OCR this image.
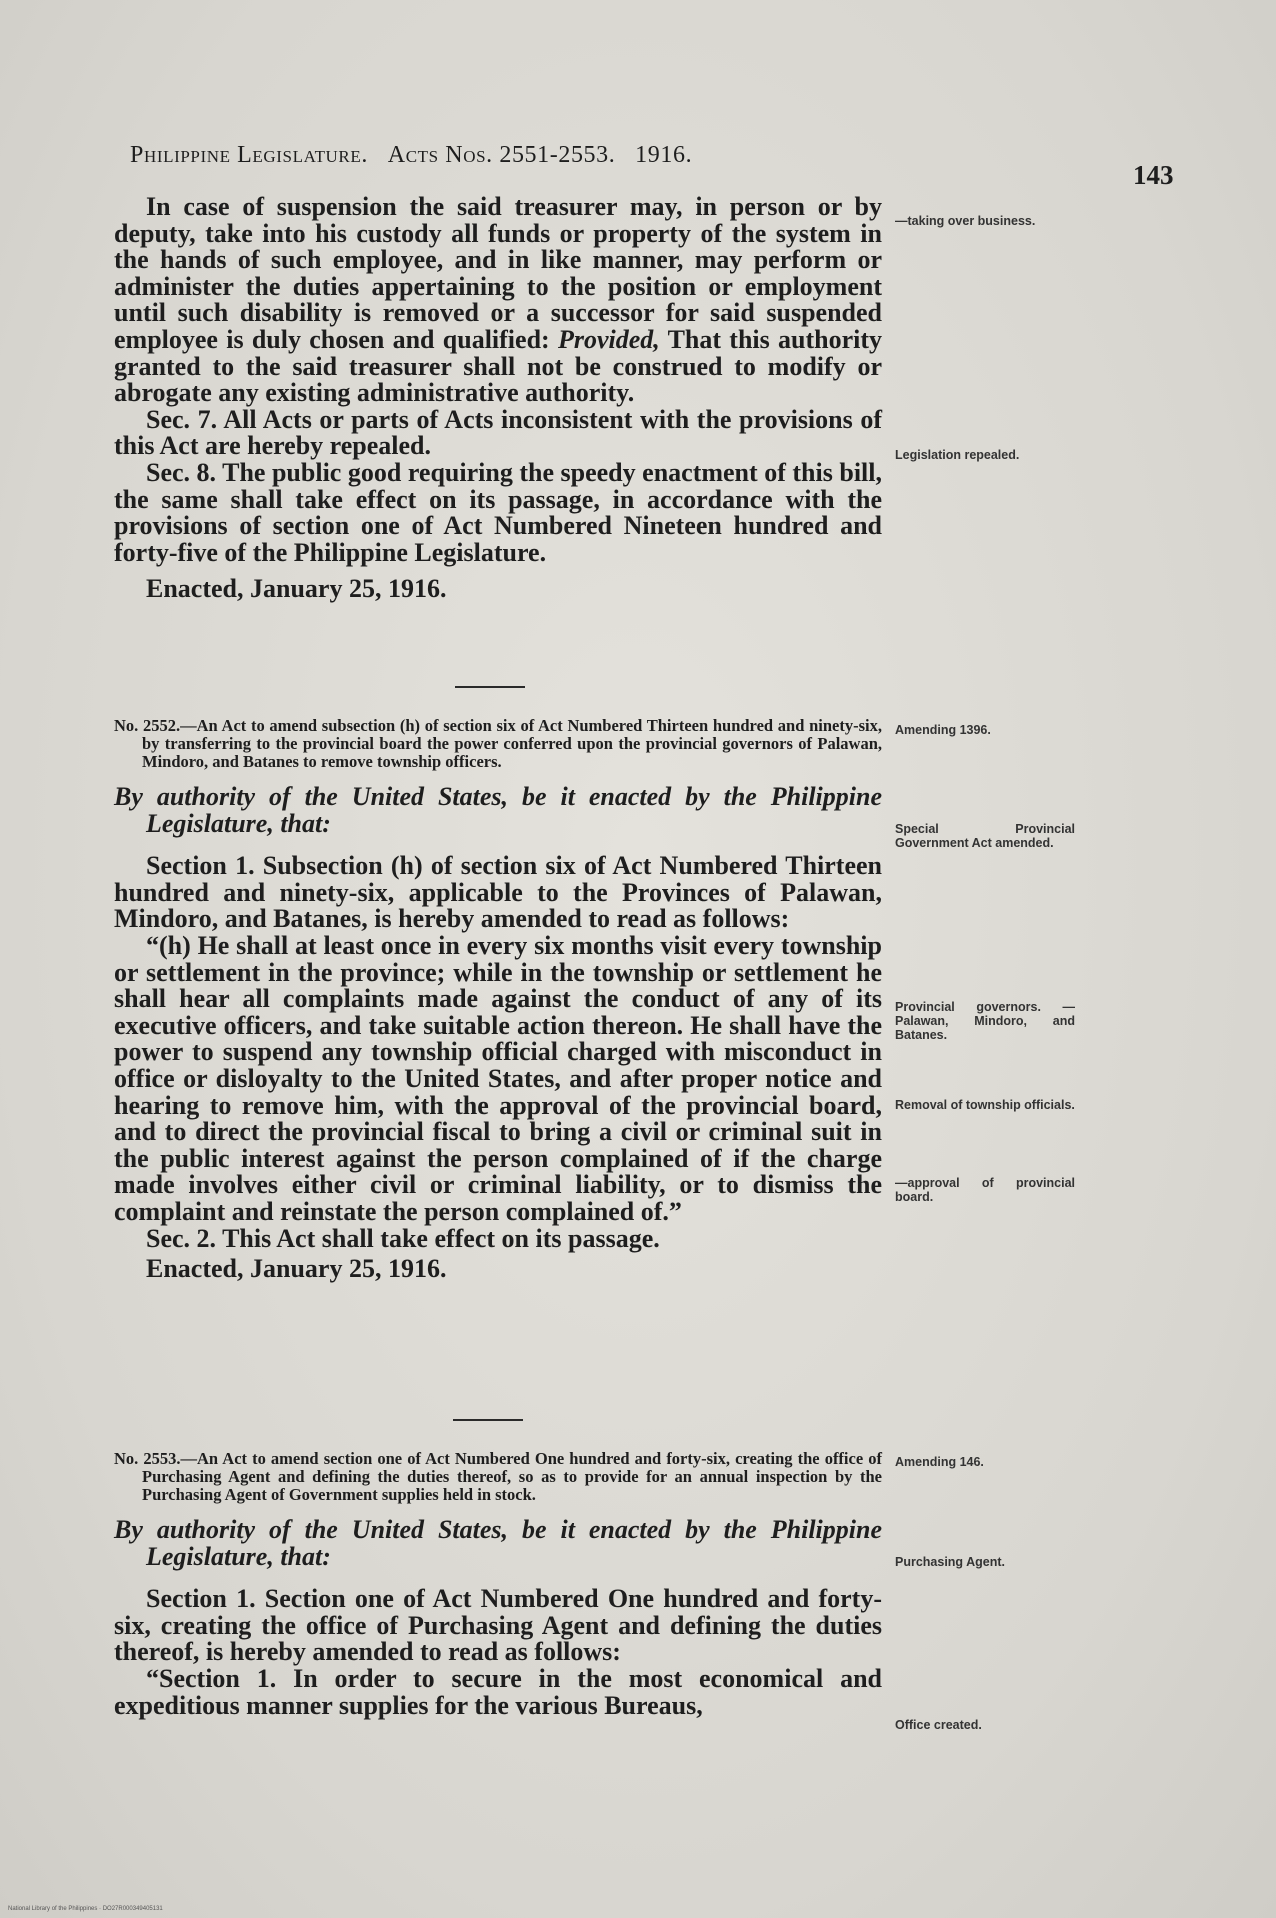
Philippine Legislature. Acts Nos. 2551-2553. 1916.
143

In case of suspension the said treasurer may, in person or by deputy, take into his custody all funds or property of the system in the hands of such employee, and in like manner, may perform or administer the duties appertaining to the position or employment until such disability is removed or a successor for said suspended employee is duly chosen and qualified: Provided, That this authority granted to the said treasurer shall not be construed to modify or abrogate any existing administrative authority.

Sec. 7. All Acts or parts of Acts inconsistent with the provisions of this Act are hereby repealed.

Sec. 8. The public good requiring the speedy enactment of this bill, the same shall take effect on its passage, in accordance with the provisions of section one of Act Numbered Nineteen hundred and forty-five of the Philippine Legislature.

Enacted, January 25, 1916.

No. 2552.—An Act to amend subsection (h) of section six of Act Numbered Thirteen hundred and ninety-six, by transferring to the provincial board the power conferred upon the provincial governors of Palawan, Mindoro, and Batanes to remove township officers.

By authority of the United States, be it enacted by the Philippine Legislature, that:

Section 1. Subsection (h) of section six of Act Numbered Thirteen hundred and ninety-six, applicable to the Provinces of Palawan, Mindoro, and Batanes, is hereby amended to read as follows:

“(h) He shall at least once in every six months visit every township or settlement in the province; while in the township or settlement he shall hear all complaints made against the conduct of any of its executive officers, and take suitable action thereon. He shall have the power to suspend any township official charged with misconduct in office or disloyalty to the United States, and after proper notice and hearing to remove him, with the approval of the provincial board, and to direct the provincial fiscal to bring a civil or criminal suit in the public interest against the person complained of if the charge made involves either civil or criminal liability, or to dismiss the complaint and reinstate the person complained of.”

Sec. 2. This Act shall take effect on its passage.

Enacted, January 25, 1916.

No. 2553.—An Act to amend section one of Act Numbered One hundred and forty-six, creating the office of Purchasing Agent and defining the duties thereof, so as to provide for an annual inspection by the Purchasing Agent of Government supplies held in stock.

By authority of the United States, be it enacted by the Philippine Legislature, that:

Section 1. Section one of Act Numbered One hundred and forty-six, creating the office of Purchasing Agent and defining the duties thereof, is hereby amended to read as follows:

“Section 1. In order to secure in the most economical and expeditious manner supplies for the various Bureaus,

—taking over business.
Legislation repealed.
Amending 1396.
Special Provincial Government Act amended.
Provincial governors. —Palawan, Mindoro, and Batanes.
Removal of township officials.
—approval of provincial board.
Amending 146.
Purchasing Agent.
Office created.
National Library of the Philippines · DO27R000349405131
